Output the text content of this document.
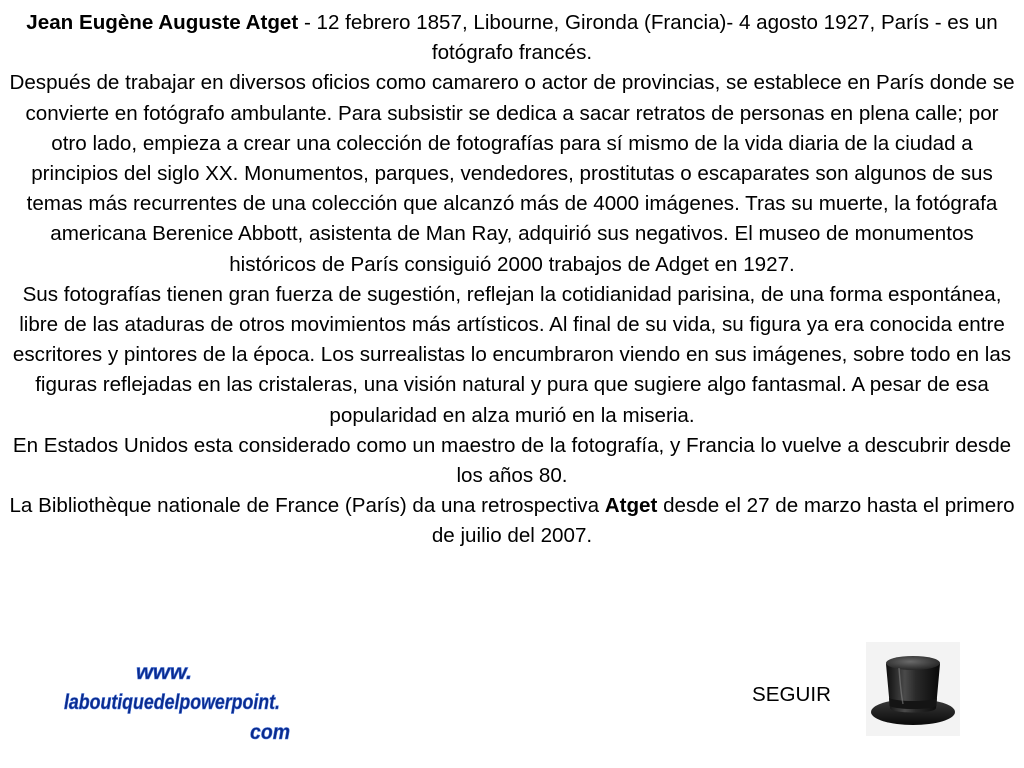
Jean Eugène Auguste Atget - 12 febrero 1857, Libourne, Gironda (Francia)- 4 agosto 1927, París - es un fotógrafo francés.

Después de trabajar en diversos oficios como camarero o actor de provincias, se establece en París donde se convierte en fotógrafo ambulante. Para subsistir se dedica a sacar retratos de personas en plena calle; por otro lado, empieza a crear una colección de fotografías para sí mismo de la vida diaria de la ciudad a principios del siglo XX. Monumentos, parques, vendedores, prostitutas o escaparates son algunos de sus temas más recurrentes de una colección que alcanzó más de 4000 imágenes. Tras su muerte, la fotógrafa americana Berenice Abbott, asistenta de Man Ray, adquirió sus negativos. El museo de monumentos históricos de París consiguió 2000 trabajos de Adget en 1927.

Sus fotografías tienen gran fuerza de sugestión, reflejan la cotidianidad parisina, de una forma espontánea, libre de las ataduras de otros movimientos más artísticos. Al final de su vida, su figura ya era conocida entre escritores y pintores de la época. Los surrealistas lo encumbraron viendo en sus imágenes, sobre todo en las figuras reflejadas en las cristaleras, una visión natural y pura que sugiere algo fantasmal. A pesar de esa popularidad en alza murió en la miseria.

En Estados Unidos esta considerado como un maestro de la fotografía, y Francia lo vuelve a descubrir desde los años 80.

La Bibliothèque nationale de France (París) da una retrospectiva Atget desde el 27 de marzo hasta el primero de juilio del 2007.

www.
laboutiquedelpowerpoint.
com
SEGUIR
